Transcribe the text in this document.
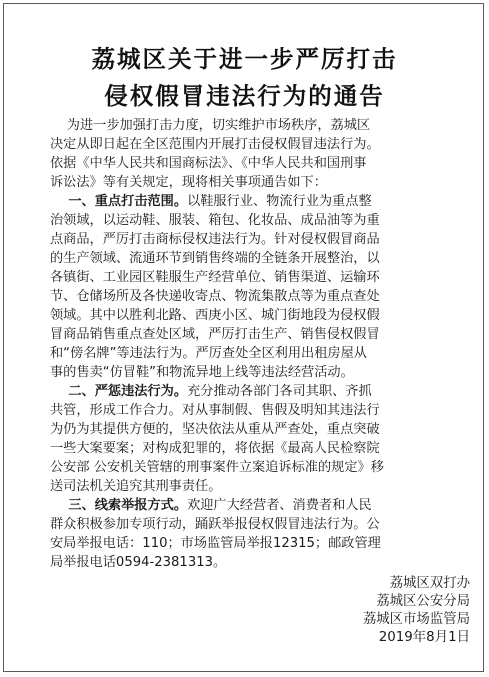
荔城区关于进一步严厉打击
侵权假冒违法行为的通告
为进一步加强打击力度，切实维护市场秩序，荔城区
决定从即日起在全区范围内开展打击侵权假冒违法行为。
依据《中华人民共和国商标法》、《中华人民共和国刑事
诉讼法》等有关规定，现将相关事项通告如下：
一、重点打击范围。以鞋服行业、物流行业为重点整
治领域，以运动鞋、服装、箱包、化妆品、成品油等为重
点商品，严厉打击商标侵权违法行为。针对侵权假冒商品
的生产领域、流通环节到销售终端的全链条开展整治，以
各镇街、工业园区鞋服生产经营单位、销售渠道、运输环
节、仓储场所及各快递收寄点、物流集散点等为重点查处
领域。其中以胜利北路、西庚小区、城门街地段为侵权假
冒商品销售重点查处区域，严厉打击生产、销售侵权假冒
和“傍名牌”等违法行为。严厉查处全区利用出租房屋从
事的售卖“仿冒鞋”和物流异地上线等违法经营活动。
二、严惩违法行为。充分推动各部门各司其职、齐抓
共管，形成工作合力。对从事制假、售假及明知其违法行
为仍为其提供方便的，坚决依法从重从严查处，重点突破
一些大案要案；对构成犯罪的，将依据《最高人民检察院
公安部 公安机关管辖的刑事案件立案追诉标准的规定》移
送司法机关追究其刑事责任。
三、线索举报方式。欢迎广大经营者、消费者和人民
群众积极参加专项行动，踊跃举报侵权假冒违法行为。公
安局举报电话：110；市场监管局举报12315；邮政管理
局举报电话0594-2381313。
荔城区双打办
荔城区公安分局
荔城区市场监管局
2019年8月1日
